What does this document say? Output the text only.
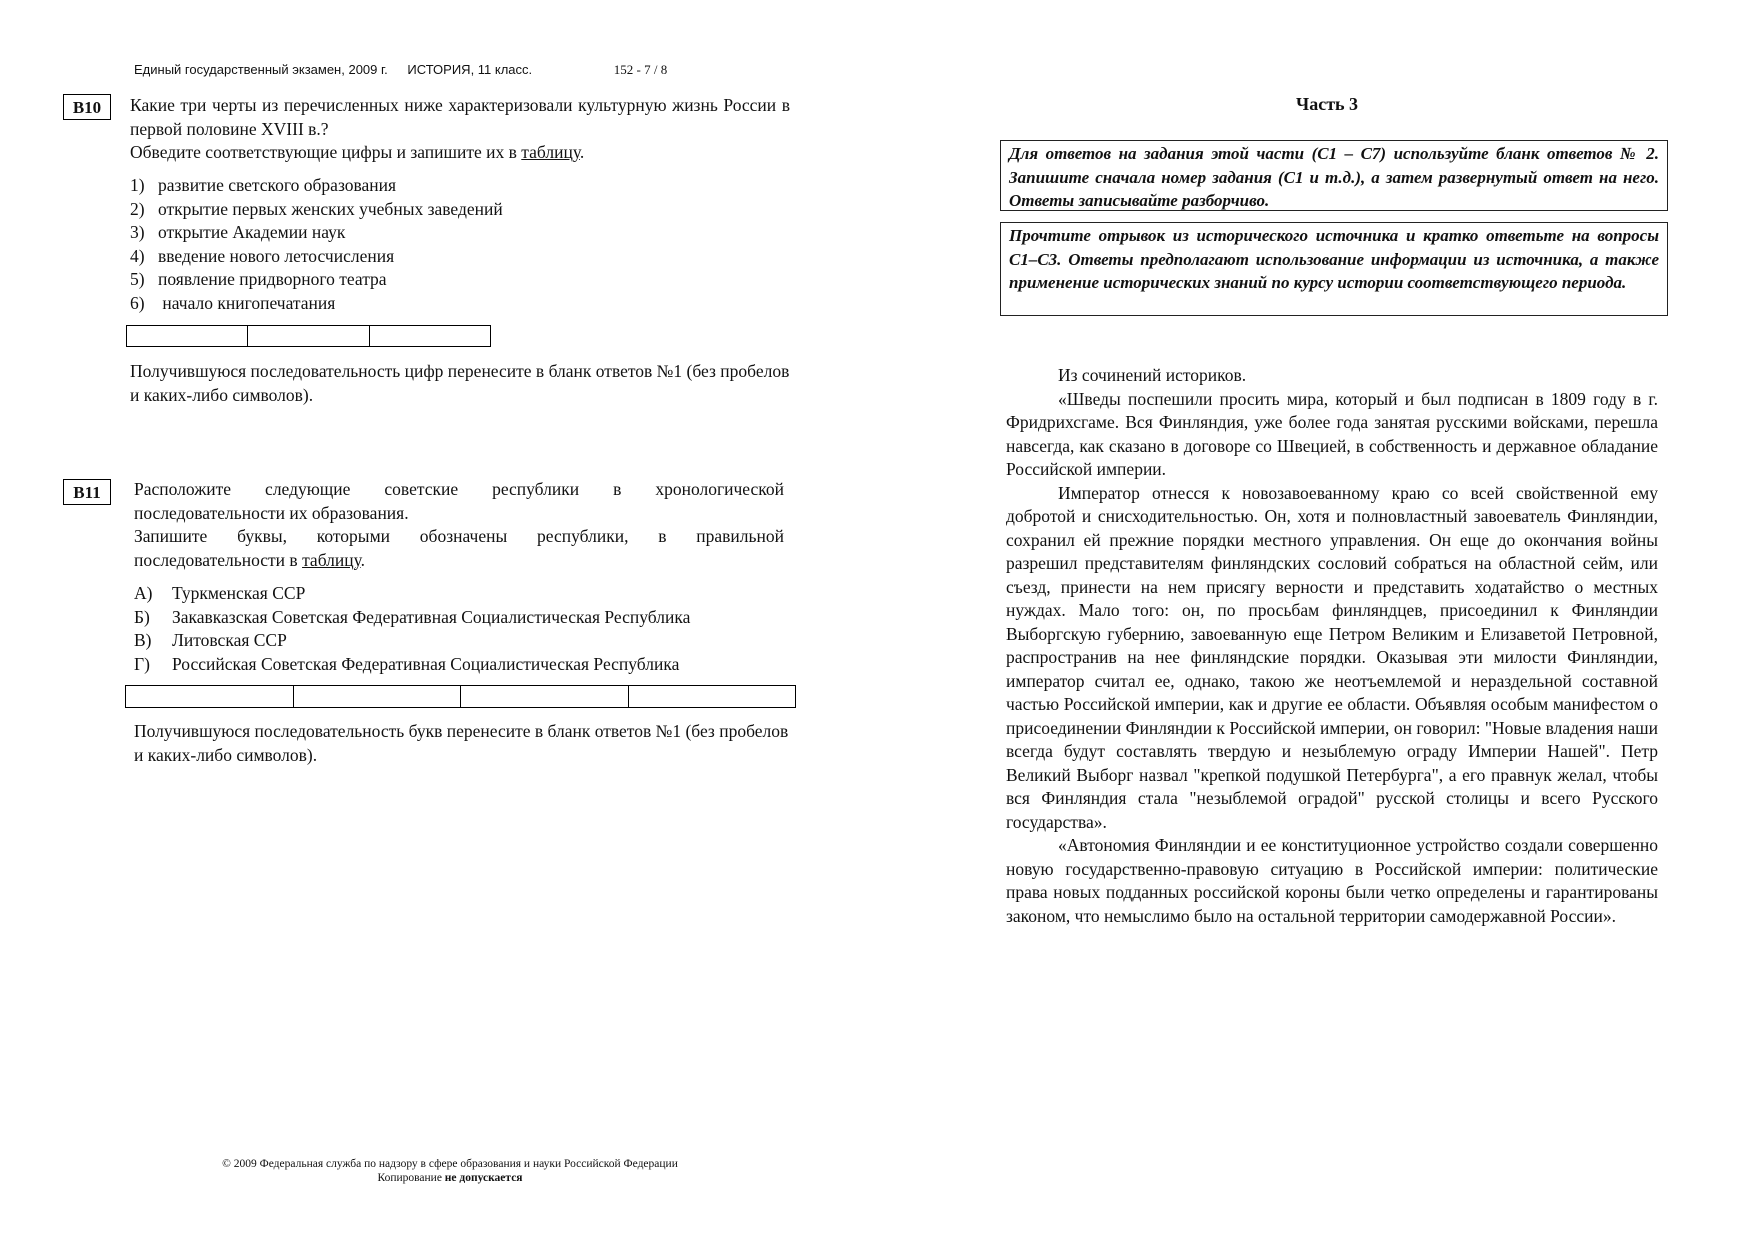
Единый государственный экзамен, 2009 г. ИСТОРИЯ, 11 класс.	152 - 7 / 8
В10	Какие три черты из перечисленных ниже характеризовали культурную жизнь России в первой половине XVIII в.?
Обведите соответствующие цифры и запишите их в таблицу.
1) развитие светского образования
2) открытие первых женских учебных заведений
3) открытие Академии наук
4) введение нового летосчисления
5) появление придворного театра
6) начало книгопечатания

Получившуюся последовательность цифр перенесите в бланк ответов №1 (без пробелов и каких-либо символов).
В11	Расположите следующие советские республики в хронологической последовательности их образования.
Запишите буквы, которыми обозначены республики, в правильной последовательности в таблицу.
А) Туркменская ССР
Б) Закавказская Советская Федеративная Социалистическая Республика
В) Литовская ССР
Г) Российская Советская Федеративная Социалистическая Республика

Получившуюся последовательность букв перенесите в бланк ответов №1 (без пробелов и каких-либо символов).
Часть 3
Для ответов на задания этой части (С1 – С7) используйте бланк ответов № 2. Запишите сначала номер задания (С1 и т.д.), а затем развернутый ответ на него. Ответы записывайте разборчиво.
Прочтите отрывок из исторического источника и кратко ответьте на вопросы С1–С3. Ответы предполагают использование информации из источника, а также применение исторических знаний по курсу истории соответствующего периода.

Из сочинений историков.

«Шведы поспешили просить мира, который и был подписан в 1809 году в г. Фридрихсгаме. Вся Финляндия, уже более года занятая русскими войсками, перешла навсегда, как сказано в договоре со Швецией, в собственность и державное обладание Российской империи.

Император отнесся к новозавоеванному краю со всей свойственной ему добротой и снисходительностью. Он, хотя и полновластный завоеватель Финляндии, сохранил ей прежние порядки местного управления. Он еще до окончания войны разрешил представителям финляндских сословий собраться на областной сейм, или съезд, принести на нем присягу верности и представить ходатайство о местных нуждах. Мало того: он, по просьбам финляндцев, присоединил к Финляндии Выборгскую губернию, завоеванную еще Петром Великим и Елизаветой Петровной, распространив на нее финляндские порядки. Оказывая эти милости Финляндии, император считал ее, однако, такою же неотъемлемой и нераздельной составной частью Российской империи, как и другие ее области. Объявляя особым манифестом о присоединении Финляндии к Российской империи, он говорил: "Новые владения наши всегда будут составлять твердую и незыблемую ограду Империи Нашей". Петр Великий Выборг назвал "крепкой подушкой Петербурга", а его правнук желал, чтобы вся Финляндия стала "незыблемой оградой" русской столицы и всего Русского государства».

«Автономия Финляндии и ее конституционное устройство создали совершенно новую государственно-правовую ситуацию в Российской империи: политические права новых подданных российской короны были четко определены и гарантированы законом, что немыслимо было на остальной территории самодержавной России».

© 2009 Федеральная служба по надзору в сфере образования и науки Российской Федерации
Копирование не допускается
